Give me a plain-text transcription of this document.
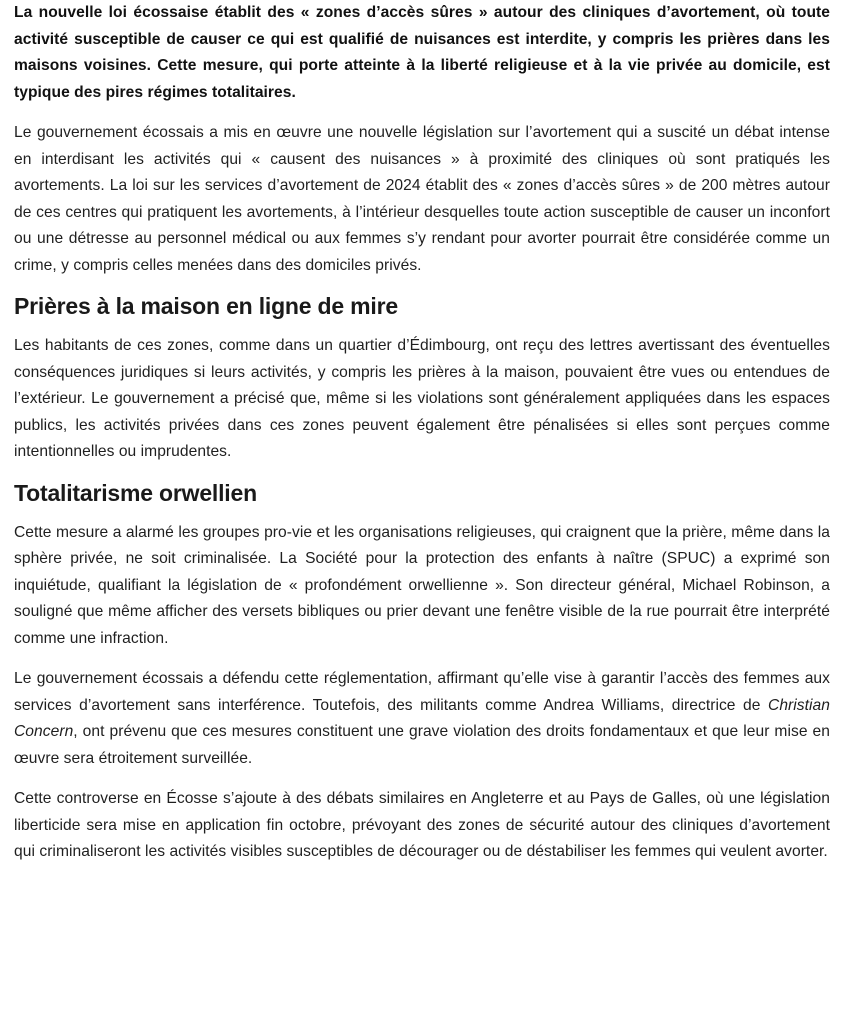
La nouvelle loi écossaise établit des « zones d’accès sûres » autour des cliniques d’avortement, où toute activité susceptible de causer ce qui est qualifié de nuisances est interdite, y compris les prières dans les maisons voisines. Cette mesure, qui porte atteinte à la liberté religieuse et à la vie privée au domicile, est typique des pires régimes totalitaires.

Le gouvernement écossais a mis en œuvre une nouvelle législation sur l’avortement qui a suscité un débat intense en interdisant les activités qui « causent des nuisances » à proximité des cliniques où sont pratiqués les avortements. La loi sur les services d’avortement de 2024 établit des « zones d’accès sûres » de 200 mètres autour de ces centres qui pratiquent les avortements, à l’intérieur desquelles toute action susceptible de causer un inconfort ou une détresse au personnel médical ou aux femmes s’y rendant pour avorter pourrait être considérée comme un crime, y compris celles menées dans des domiciles privés.

Prières à la maison en ligne de mire

Les habitants de ces zones, comme dans un quartier d’Édimbourg, ont reçu des lettres avertissant des éventuelles conséquences juridiques si leurs activités, y compris les prières à la maison, pouvaient être vues ou entendues de l’extérieur. Le gouvernement a précisé que, même si les violations sont généralement appliquées dans les espaces publics, les activités privées dans ces zones peuvent également être pénalisées si elles sont perçues comme intentionnelles ou imprudentes.

Totalitarisme orwellien

Cette mesure a alarmé les groupes pro-vie et les organisations religieuses, qui craignent que la prière, même dans la sphère privée, ne soit criminalisée. La Société pour la protection des enfants à naître (SPUC) a exprimé son inquiétude, qualifiant la législation de « profondément orwellienne ». Son directeur général, Michael Robinson, a souligné que même afficher des versets bibliques ou prier devant une fenêtre visible de la rue pourrait être interprété comme une infraction.

Le gouvernement écossais a défendu cette réglementation, affirmant qu’elle vise à garantir l’accès des femmes aux services d’avortement sans interférence. Toutefois, des militants comme Andrea Williams, directrice de Christian Concern, ont prévenu que ces mesures constituent une grave violation des droits fondamentaux et que leur mise en œuvre sera étroitement surveillée.

Cette controverse en Écosse s’ajoute à des débats similaires en Angleterre et au Pays de Galles, où une législation liberticide sera mise en application fin octobre, prévoyant des zones de sécurité autour des cliniques d’avortement qui criminaliseront les activités visibles susceptibles de décourager ou de déstabiliser les femmes qui veulent avorter.
